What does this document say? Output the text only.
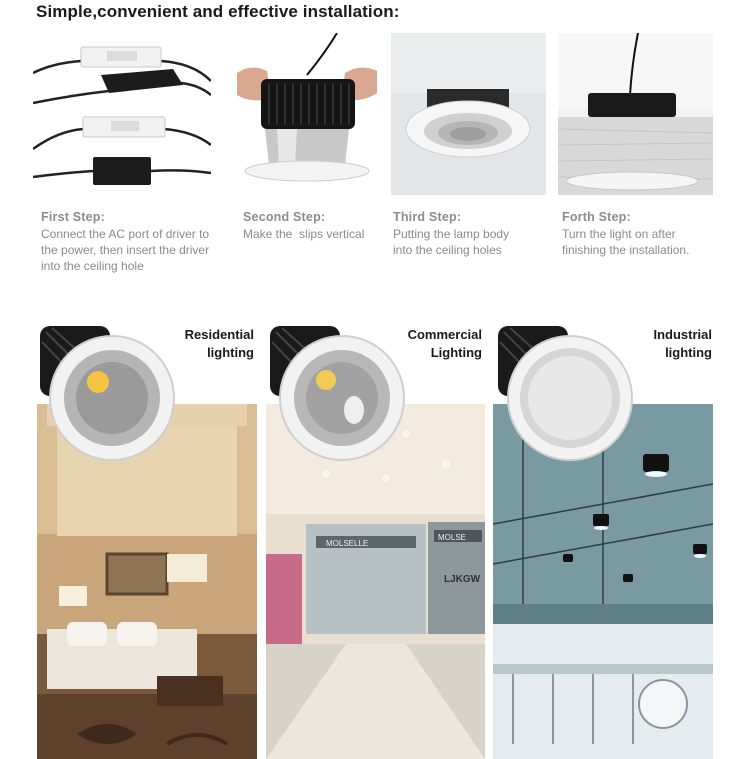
Simple,convenient and effective installation:
First Step:
Connect the AC port of driver to the power, then insert the driver into the ceiling hole
Second Step:
Make the  slips vertical
Third Step:
Putting the lamp body into the ceiling holes
Forth Step:
Turn the light on after finishing the installation.
MOLSELLE
MOLSE
LJKGW
Residential
lighting
Commercial
Lighting
Industrial
lighting
